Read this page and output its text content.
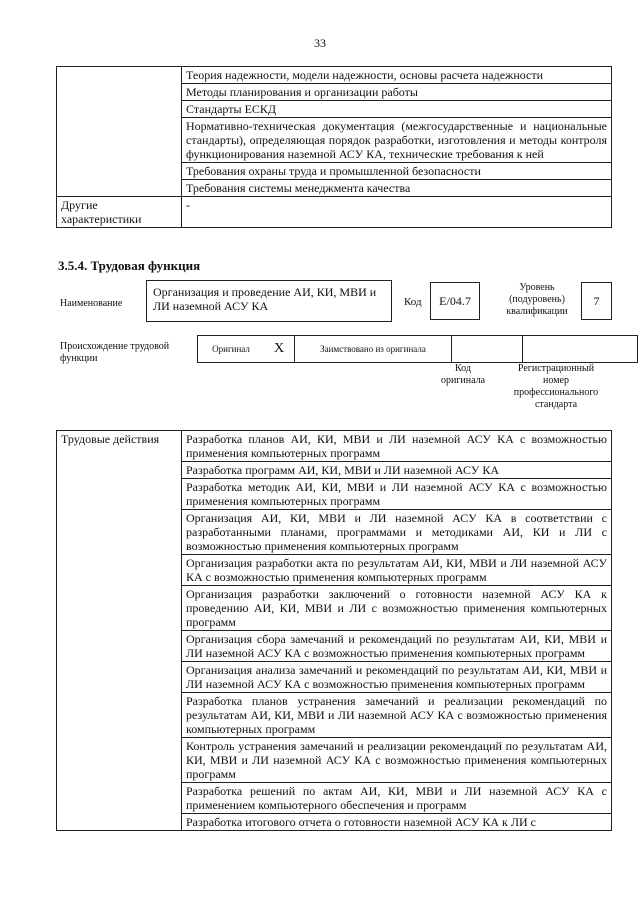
33
	Теория надежности, модели надежности, основы расчета надежности
	Методы планирования и организации работы
	Стандарты ЕСКД
	Нормативно-техническая документация (межгосударственные и национальные стандарты), определяющая порядок разработки, изготовления и методы контроля функционирования наземной АСУ КА, технические требования к ней
	Требования охраны труда и промышленной безопасности
	Требования системы менеджмента качества
Другие характеристики	-
3.5.4. Трудовая функция
Наименование
Организация и проведение АИ, КИ, МВИ и ЛИ наземной АСУ КА	Код	E/04.7
Уровень (подуровень) квалификации
7
Происхождение трудовой функции
Оригинал	X	Заимствовано из оригинала		
Код оригинала
Регистрационный номер профессионального стандарта
Трудовые действия	Разработка планов АИ, КИ, МВИ и ЛИ наземной АСУ КА с возможностью применения компьютерных программ
Разработка программ АИ, КИ, МВИ и ЛИ наземной АСУ КА
Разработка методик АИ, КИ, МВИ и ЛИ наземной АСУ КА с возможностью применения компьютерных программ
Организация АИ, КИ, МВИ и ЛИ наземной АСУ КА в соответствии с разработанными планами, программами и методиками АИ, КИ и ЛИ с возможностью применения компьютерных программ
Организация разработки акта по результатам АИ, КИ, МВИ и ЛИ наземной АСУ КА с возможностью применения компьютерных программ
Организация разработки заключений о готовности наземной АСУ КА к проведению АИ, КИ, МВИ и ЛИ с возможностью применения компьютерных программ
Организация сбора замечаний и рекомендаций по результатам АИ, КИ, МВИ и ЛИ наземной АСУ КА с возможностью применения компьютерных программ
Организация анализа замечаний и рекомендаций по результатам АИ, КИ, МВИ и ЛИ наземной АСУ КА с возможностью применения компьютерных программ
Разработка планов устранения замечаний и реализации рекомендаций по результатам АИ, КИ, МВИ и ЛИ наземной АСУ КА с возможностью применения компьютерных программ
Контроль устранения замечаний и реализации рекомендаций по результатам АИ, КИ, МВИ и ЛИ наземной АСУ КА с возможностью применения компьютерных программ
Разработка решений по актам АИ, КИ, МВИ и ЛИ наземной АСУ КА с применением компьютерного обеспечения и программ
Разработка итогового отчета о готовности наземной АСУ КА к ЛИ с
